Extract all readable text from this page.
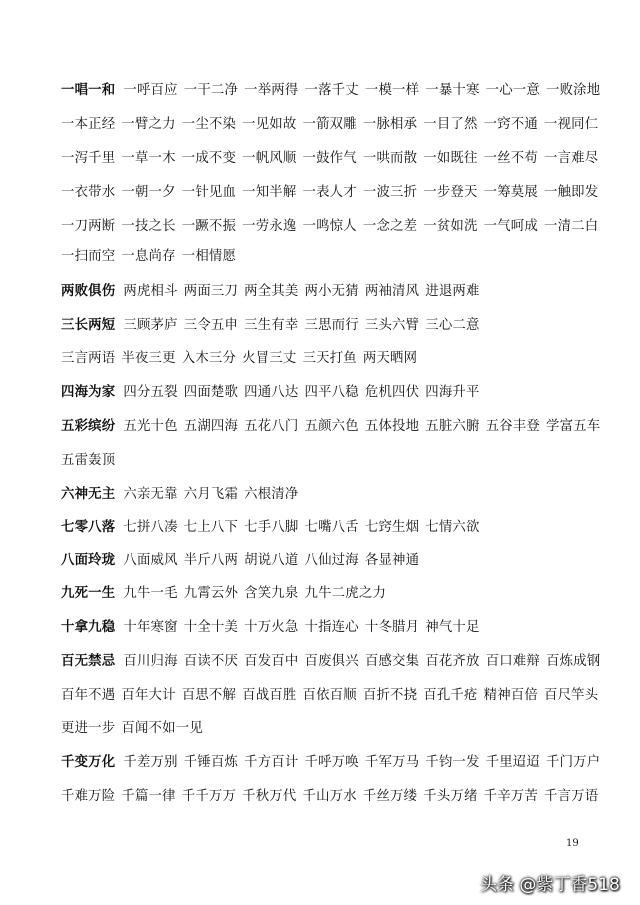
一唱一和 一呼百应 一干二净 一举两得 一落千丈 一模一样 一暴十寒 一心一意 一败涂地
一本正经 一臂之力 一尘不染 一见如故 一箭双雕 一脉相承 一目了然 一窍不通 一视同仁
一泻千里 一草一木 一成不变 一帆风顺 一鼓作气 一哄而散 一如既往 一丝不苟 一言难尽
一衣带水 一朝一夕 一针见血 一知半解 一表人才 一波三折 一步登天 一筹莫展 一触即发
一刀两断 一技之长 一蹶不振 一劳永逸 一鸣惊人 一念之差 一贫如洗 一气呵成 一清二白
一扫而空 一息尚存 一相情愿
两败俱伤 两虎相斗 两面三刀 两全其美 两小无猜 两袖清风 进退两难
三长两短 三顾茅庐 三令五申 三生有幸 三思而行 三头六臂 三心二意
三言两语 半夜三更 入木三分 火冒三丈 三天打鱼 两天晒网
四海为家 四分五裂 四面楚歌 四通八达 四平八稳 危机四伏 四海升平
五彩缤纷 五光十色 五湖四海 五花八门 五颜六色 五体投地 五脏六腑 五谷丰登 学富五车
五雷轰顶
六神无主 六亲无靠 六月飞霜 六根清净
七零八落 七拼八凑 七上八下 七手八脚 七嘴八舌 七窍生烟 七情六欲
八面玲珑 八面威风 半斤八两 胡说八道 八仙过海 各显神通
九死一生 九牛一毛 九霄云外 含笑九泉 九牛二虎之力
十拿九稳 十年寒窗 十全十美 十万火急 十指连心 十冬腊月 神气十足
百无禁忌 百川归海 百读不厌 百发百中 百废俱兴 百感交集 百花齐放 百口难辩 百炼成钢
百年不遇 百年大计 百思不解 百战百胜 百依百顺 百折不挠 百孔千疮 精神百倍 百尺竿头
更进一步 百闻不如一见
千变万化 千差万别 千锤百炼 千方百计 千呼万唤 千军万马 千钧一发 千里迢迢 千门万户
千难万险 千篇一律 千千万万 千秋万代 千山万水 千丝万缕 千头万绪 千辛万苦 千言万语
19
头条 @紫丁香518
